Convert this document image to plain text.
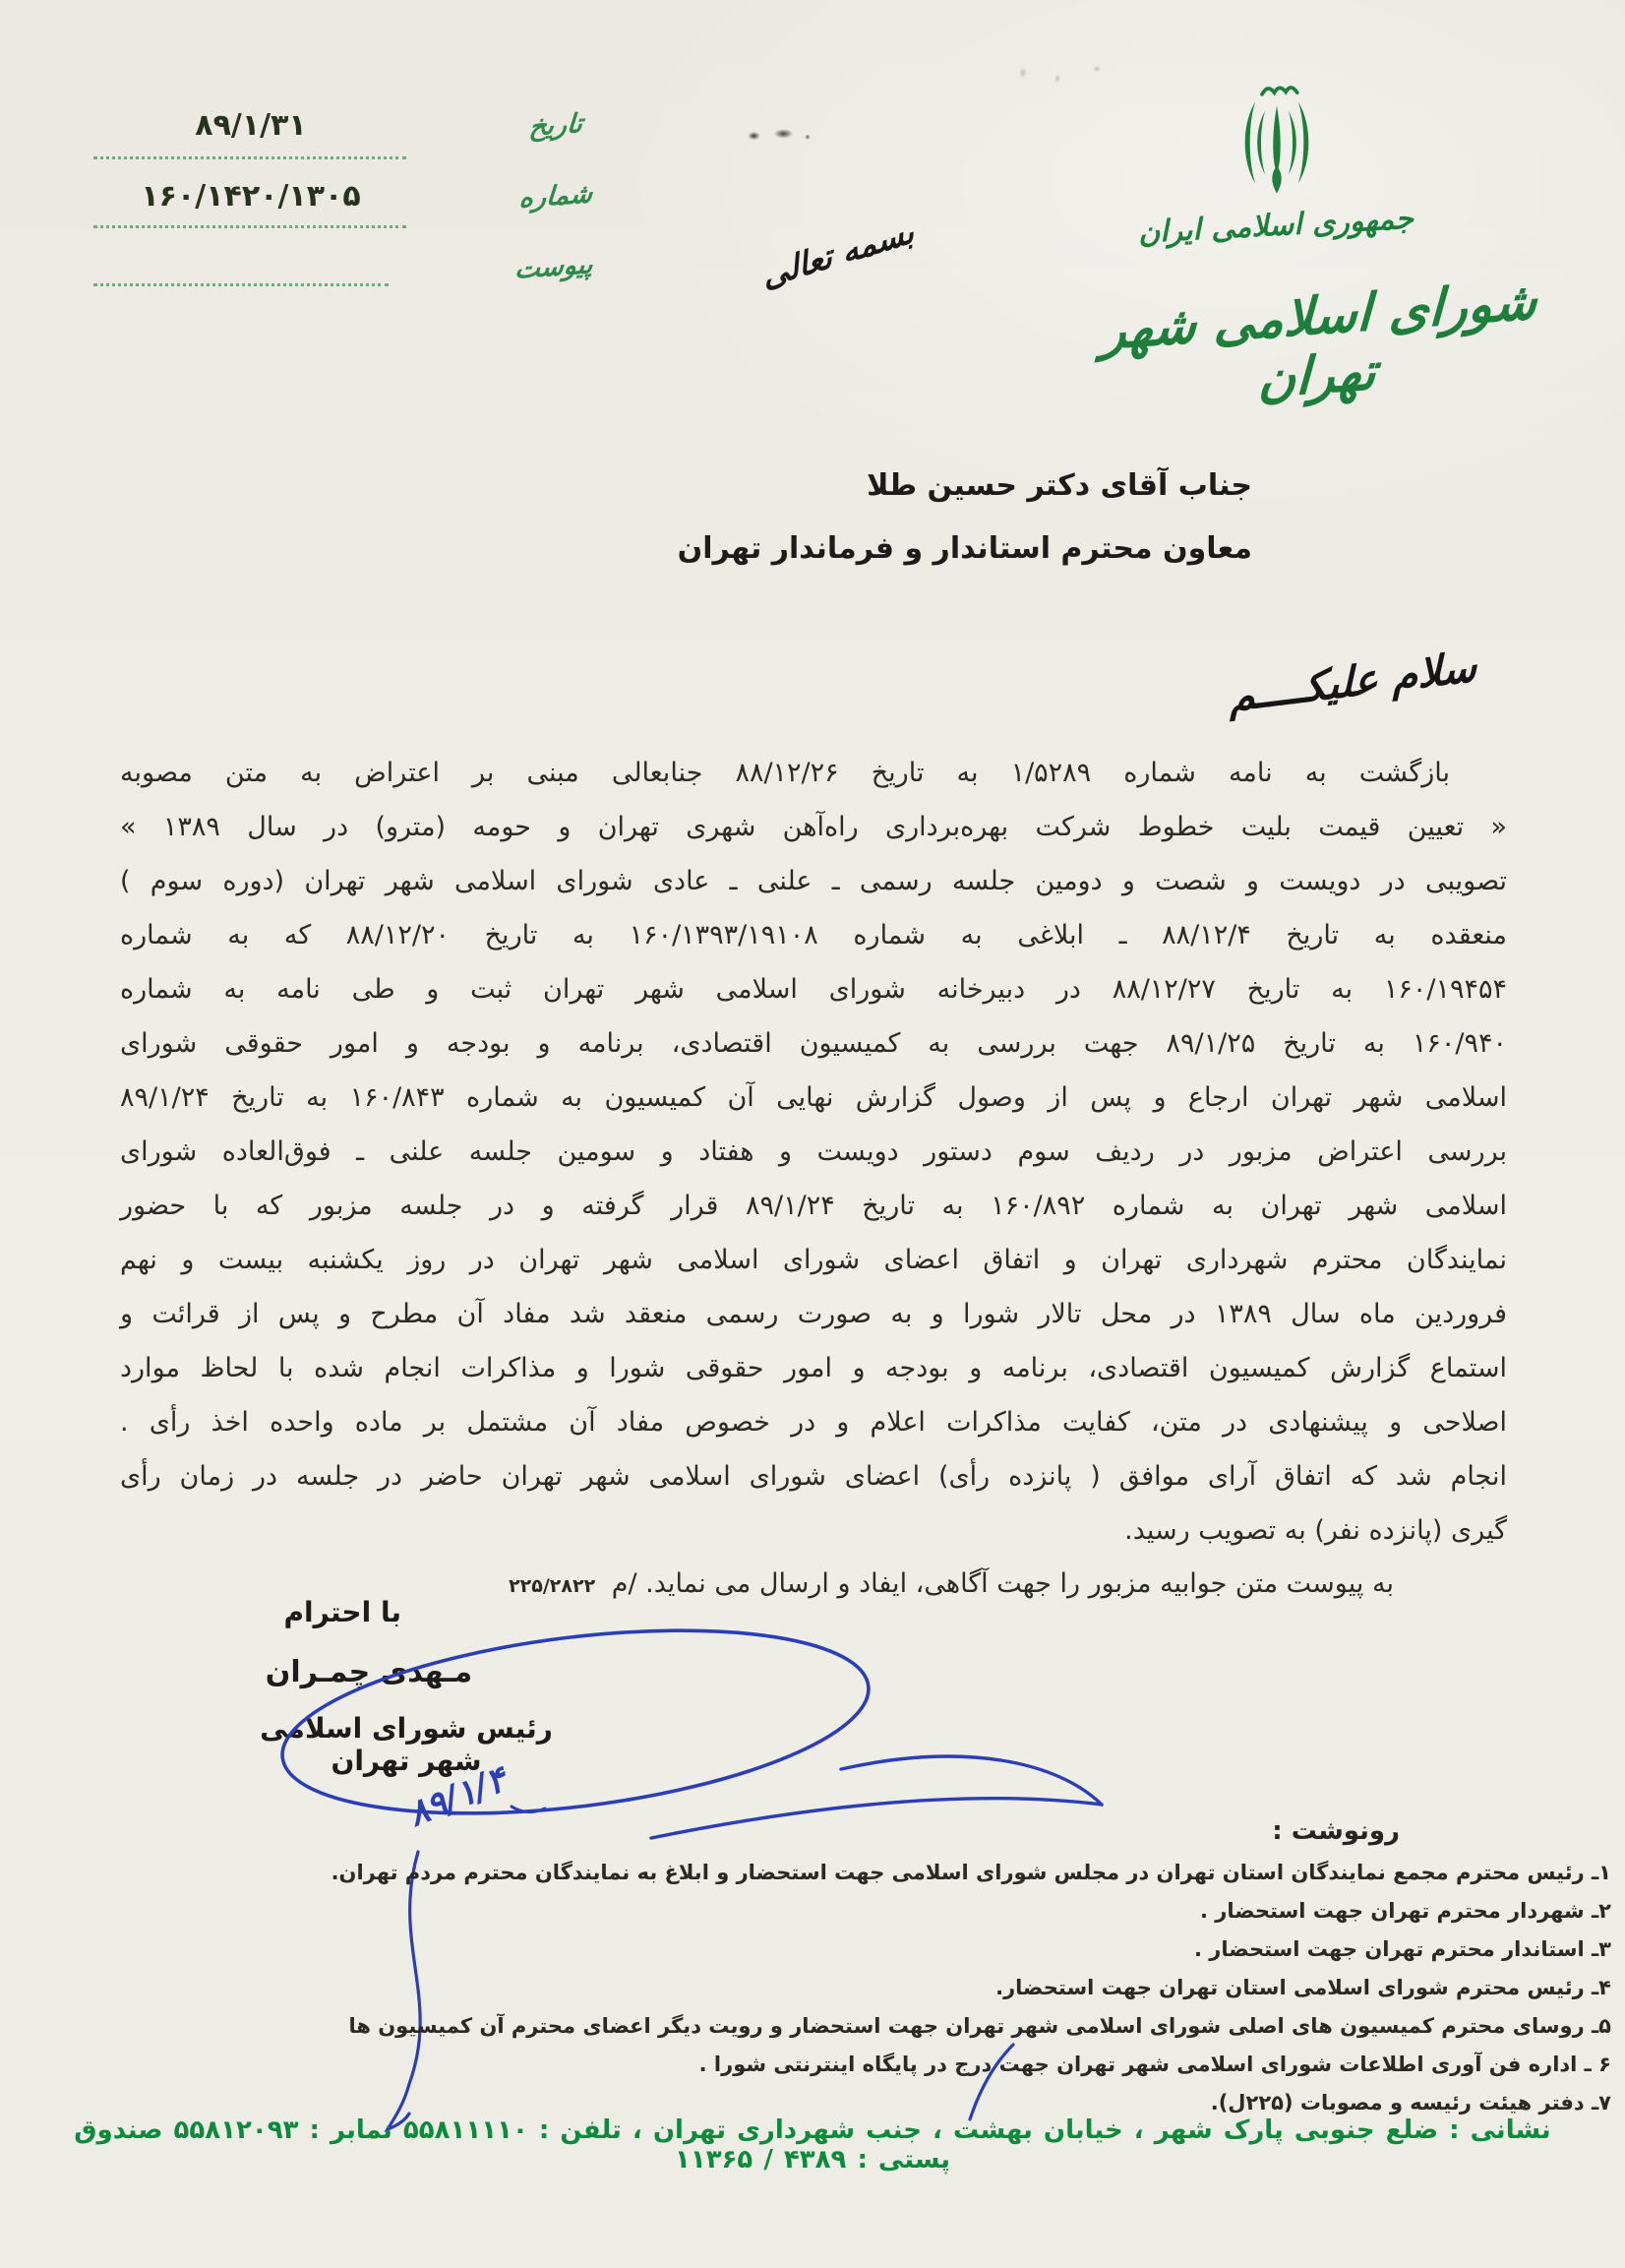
جمهوری اسلامی ایران
شورای اسلامی شهر تهران
بسمه تعالی
تاریخ
۸۹/۱/۳۱
شماره
۱۶۰/۱۴۲۰/۱۳۰۵
پیوست
جناب آقای دکتر حسین طلا
معاون محترم استاندار و فرماندار تهران
سلام علیکــــم
بازگشت به نامه شماره ۱/۵۲۸۹ به تاریخ ۸۸/۱۲/۲۶ جنابعالی مبنی بر اعتراض به متن مصوبه
« تعیین قیمت بلیت خطوط شرکت بهره‌برداری راه‌آهن شهری تهران و حومه (مترو) در سال ۱۳۸۹ »
تصویبی در دویست و شصت و دومین جلسه رسمی ـ علنی ـ عادی شورای اسلامی شهر تهران (دوره سوم )
منعقده به تاریخ ۸۸/۱۲/۴ ـ ابلاغی به شماره ۱۶۰/۱۳۹۳/۱۹۱۰۸ به تاریخ ۸۸/۱۲/۲۰ که به شماره
۱۶۰/۱۹۴۵۴ به تاریخ ۸۸/۱۲/۲۷ در دبیرخانه شورای اسلامی شهر تهران ثبت و طی نامه به شماره
۱۶۰/۹۴۰ به تاریخ ۸۹/۱/۲۵ جهت بررسی به کمیسیون اقتصادی، برنامه و بودجه و امور حقوقی شورای
اسلامی شهر تهران ارجاع و پس از وصول گزارش نهایی آن کمیسیون به شماره ۱۶۰/۸۴۳ به تاریخ ۸۹/۱/۲۴
بررسی اعتراض مزبور در ردیف سوم دستور دویست و هفتاد و سومین جلسه علنی ـ فوق‌العاده شورای
اسلامی شهر تهران به شماره ۱۶۰/۸۹۲ به تاریخ ۸۹/۱/۲۴ قرار گرفته و در جلسه مزبور که با حضور
نمایندگان محترم شهرداری تهران و اتفاق اعضای شورای اسلامی شهر تهران در روز یکشنبه بیست و نهم
فروردین ماه سال ۱۳۸۹ در محل تالار شورا و به صورت رسمی منعقد شد مفاد آن مطرح و پس از قرائت و
استماع گزارش کمیسیون اقتصادی، برنامه و بودجه و امور حقوقی شورا و مذاکرات انجام شده با لحاظ موارد
اصلاحی و پیشنهادی در متن، کفایت مذاکرات اعلام و در خصوص مفاد آن مشتمل بر ماده واحده اخذ رأی .
انجام شد که اتفاق آرای موافق ( پانزده رأی) اعضای شورای اسلامی شهر تهران حاضر در جلسه در زمان رأی
گیری (پانزده نفر) به تصویب رسید.
به پیوست متن جوابیه مزبور را جهت آگاهی، ایفاد و ارسال می نماید. /م ۲۲۵/۲۸۲۲
با احترام
مـهدی چمـران
رئیس شورای اسلامی شهر تهران
۸۹/۱/۴	رونوشت :
۱ـ رئیس محترم مجمع نمایندگان استان تهران در مجلس شورای اسلامی جهت استحضار و ابلاغ به نمایندگان محترم مردم تهران.
۲ـ شهردار محترم تهران جهت استحضار .
۳ـ استاندار محترم تهران جهت استحضار .
۴ـ رئیس محترم شورای اسلامی استان تهران جهت استحضار.
۵ـ روسای محترم کمیسیون های اصلی شورای اسلامی شهر تهران جهت استحضار و رویت دیگر اعضای محترم آن کمیسیون ها
۶ ـ اداره فن آوری اطلاعات شورای اسلامی شهر تهران جهت درج در پایگاه اینترنتی شورا .
۷ـ دفتر هیئت رئیسه و مصوبات (۲۲۵ل).
نشانی : ضلع جنوبی پارک شهر ، خیابان بهشت ، جنب شهرداری تهران ، تلفن : ۵۵۸۱۱۱۱۰ نمابر : ۵۵۸۱۲۰۹۳ صندوق پستی : ۴۳۸۹ / ۱۱۳۶۵
